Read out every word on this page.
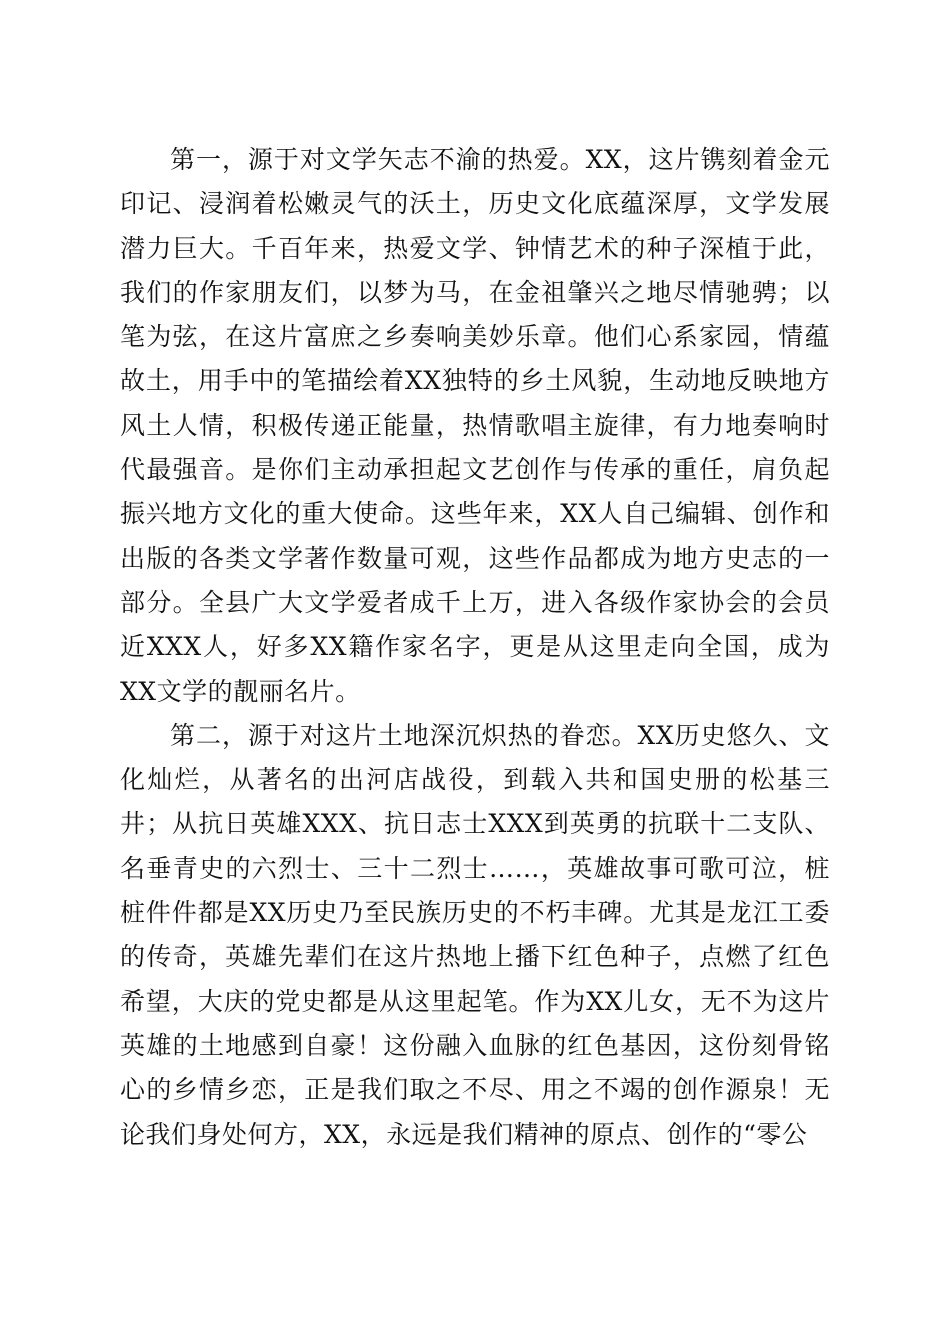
第一，源于对文学矢志不渝的热爱。XX，这片镌刻着金元印记、浸润着松嫩灵气的沃土，历史文化底蕴深厚，文学发展潜力巨大。千百年来，热爱文学、钟情艺术的种子深植于此，我们的作家朋友们，以梦为马，在金祖肇兴之地尽情驰骋；以笔为弦，在这片富庶之乡奏响美妙乐章。他们心系家园，情蕴故土，用手中的笔描绘着XX独特的乡土风貌，生动地反映地方风土人情，积极传递正能量，热情歌唱主旋律，有力地奏响时代最强音。是你们主动承担起文艺创作与传承的重任，肩负起振兴地方文化的重大使命。这些年来，XX人自己编辑、创作和出版的各类文学著作数量可观，这些作品都成为地方史志的一部分。全县广大文学爱者成千上万，进入各级作家协会的会员近XXX人，好多XX籍作家名字，更是从这里走向全国，成为XX文学的靓丽名片。

第二，源于对这片土地深沉炽热的眷恋。XX历史悠久、文化灿烂，从著名的出河店战役，到载入共和国史册的松基三井；从抗日英雄XXX、抗日志士XXX到英勇的抗联十二支队、名垂青史的六烈士、三十二烈士……，英雄故事可歌可泣，桩桩件件都是XX历史乃至民族历史的不朽丰碑。尤其是龙江工委的传奇，英雄先辈们在这片热地上播下红色种子，点燃了红色希望，大庆的党史都是从这里起笔。作为XX儿女，无不为这片英雄的土地感到自豪！这份融入血脉的红色基因，这份刻骨铭心的乡情乡恋，正是我们取之不尽、用之不竭的创作源泉！无论我们身处何方，XX，永远是我们精神的原点、创作的“零公
